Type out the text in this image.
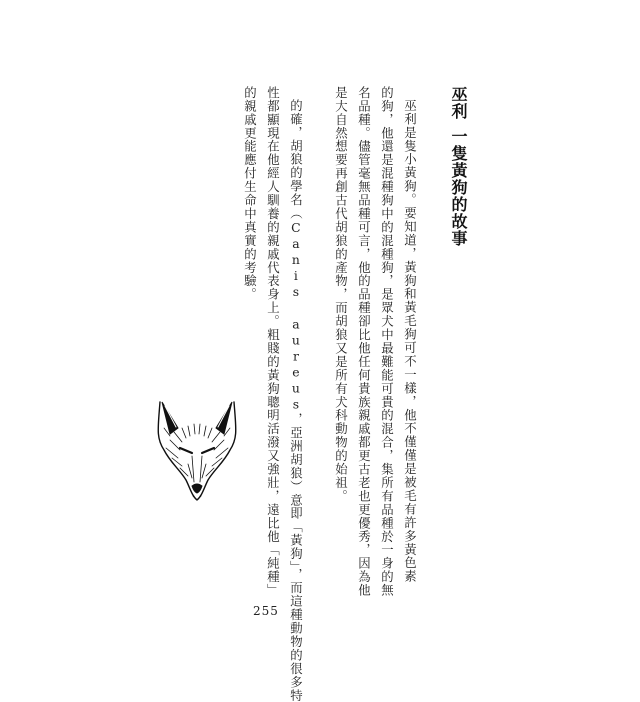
巫利一隻黃狗的故事
巫利是隻小黃狗。要知道，黃狗和黃毛狗可不一樣，他不僅僅是被毛有許多黃色素
的狗，他還是混種狗中的混種狗，是眾犬中最難能可貴的混合，集所有品種於一身的無
名品種。儘管毫無品種可言，他的品種卻比他任何貴族親戚都更古老也更優秀，因為他
是大自然想要再創古代胡狼的產物，而胡狼又是所有犬科動物的始祖。
的確，胡狼的學名（Canis aureus，亞洲胡狼）意即「黃狗」，而這種動物的很多特
性都顯現在他經人馴養的親戚代表身上。粗賤的黃狗聰明活潑又強壯，遠比他「純種」
的親戚更能應付生命中真實的考驗。
255
